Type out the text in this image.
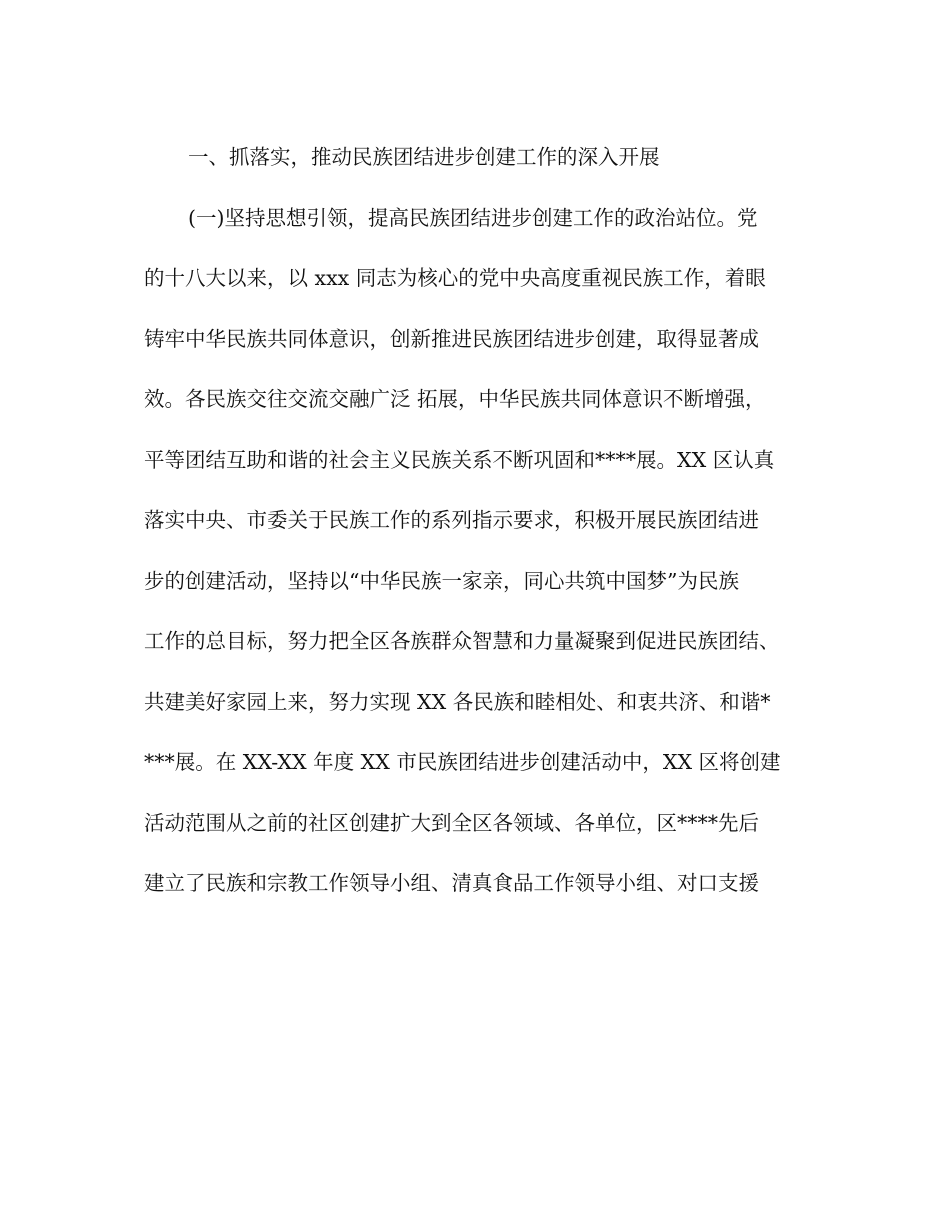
一、抓落实，推动民族团结进步创建工作的深入开展
(一)坚持思想引领，提高民族团结进步创建工作的政治站位。党
的十八大以来，以 xxx 同志为核心的党中央高度重视民族工作，着眼
铸牢中华民族共同体意识，创新推进民族团结进步创建，取得显著成
效。各民族交往交流交融广泛 拓展，中华民族共同体意识不断增强，
平等团结互助和谐的社会主义民族关系不断巩固和****展。XX 区认真
落实中央、市委关于民族工作的系列指示要求，积极开展民族团结进
步的创建活动，坚持以“中华民族一家亲，同心共筑中国梦”为民族
工作的总目标，努力把全区各族群众智慧和力量凝聚到促进民族团结、
共建美好家园上来，努力实现 XX 各民族和睦相处、和衷共济、和谐*
***展。在 XX-XX 年度 XX 市民族团结进步创建活动中，XX 区将创建
活动范围从之前的社区创建扩大到全区各领域、各单位，区****先后
建立了民族和宗教工作领导小组、清真食品工作领导小组、对口支援
